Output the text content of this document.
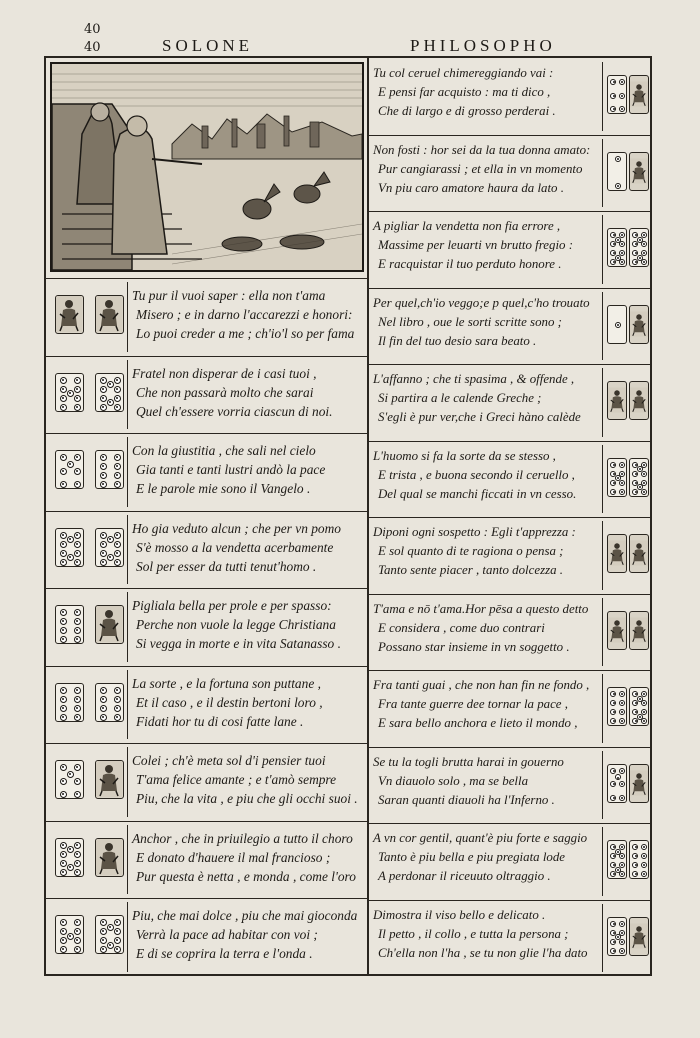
40
40	SOLONE	PHILOSOPHO
Tu pur il vuoi saper : ella non t'ama
Misero ; e in darno l'accarezzi e honori:
Lo puoi creder a me ; ch'io'l so per fama
Fratel non disperar de i casi tuoi ,
Che non passarà molto che sarai
Quel ch'essere vorria ciascun di noi.
Con la giustitia , che sali nel cielo
Gia tanti e tanti lustri andò la pace
E le parole mie sono il Vangelo .
Ho gia veduto alcun ; che per vn pomo
S'è mosso a la vendetta acerbamente
Sol per esser da tutti tenut'homo .
Pigliala bella per prole e per spasso:
Perche non vuole la legge Christiana
Si vegga in morte e in vita Satanasso .
La sorte , e la fortuna son puttane ,
Et il caso , e il destin bertoni loro ,
Fidati hor tu di cosi fatte lane .
Colei ; ch'è meta sol d'i pensier tuoi
T'ama felice amante ; e t'amò sempre
Piu, che la vita , e piu che gli occhi suoi .
Anchor , che in priuilegio a tutto il choro
E donato d'hauere il mal francioso ;
Pur questa è netta , e monda , come l'oro
Piu, che mai dolce , piu che mai gioconda
Verrà la pace ad habitar con voi ;
E di se coprira la terra e l'onda .
Tu col ceruel chimereggiando vai :
E pensi far acquisto : ma ti dico ,
Che di largo e di grosso perderai .
Non fosti : hor sei da la tua donna amato:
Pur cangiarassi ; et ella in vn momento
Vn piu caro amatore haura da lato .
A pigliar la vendetta non fia errore ,
Massime per leuarti vn brutto fregio :
E racquistar il tuo perduto honore .
Per quel,ch'io veggo;e p quel,c'ho trouato
Nel libro , oue le sorti scritte sono ;
Il fin del tuo desio sara beato .
L'affanno ; che ti spasima , & offende ,
Si partira a le calende Greche ;
S'egli è pur ver,che i Greci hàno calède
L'huomo si fa la sorte da se stesso ,
E trista , e buona secondo il ceruello ,
Del qual se manchi ficcati in vn cesso.
Diponi ogni sospetto : Egli t'apprezza :
E sol quanto di te ragiona o pensa ;
Tanto sente piacer , tanto dolcezza .
T'ama e nō t'ama.Hor pēsa a questo detto
E considera , come duo contrari
Possano star insieme in vn soggetto .
Fra tanti guai , che non han fin ne fondo ,
Fra tante guerre dee tornar la pace ,
E sara bello anchora e lieto il mondo ,
Se tu la togli brutta harai in gouerno
Vn diauolo solo , ma se bella
Saran quanti diauoli ha l'Inferno .
A vn cor gentil, quant'è piu forte e saggio
Tanto è piu bella e piu pregiata lode
A perdonar il riceuuto oltraggio .
Dimostra il viso bello e delicato .
Il petto , il collo , e tutta la persona ;
Ch'ella non l'ha , se tu non glie l'ha dato
